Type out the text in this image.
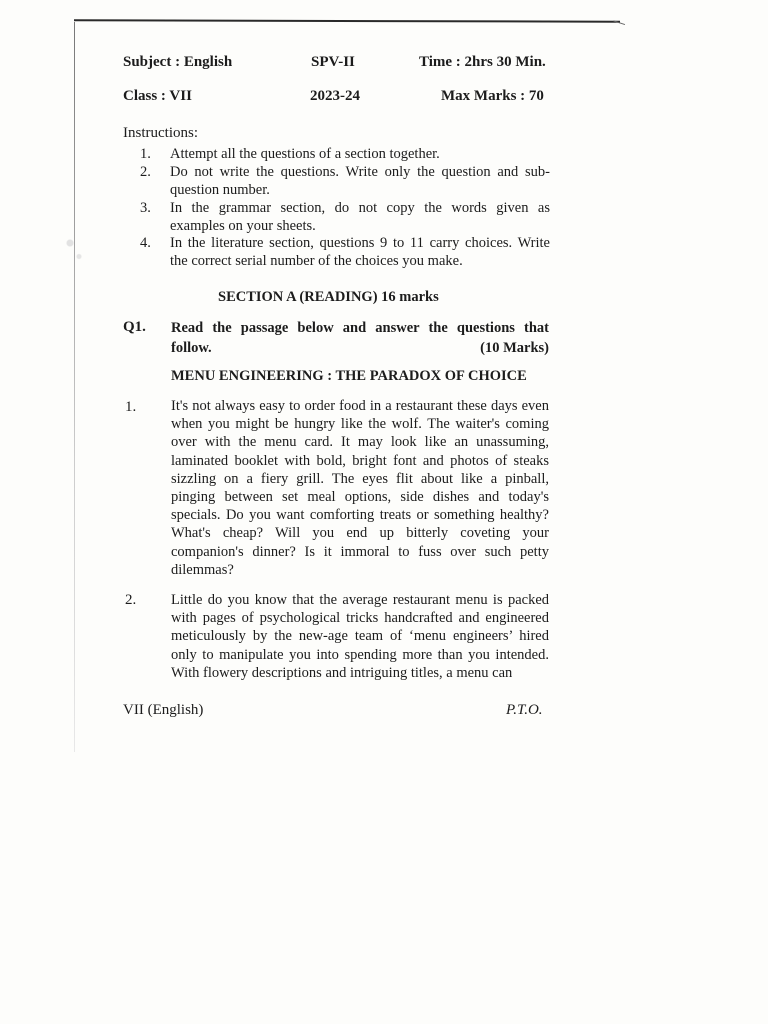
Subject : English	SPV-II	Time : 2hrs 30 Min.
Class : VII	2023-24	Max Marks : 70
Instructions:
1. Attempt all the questions of a section together.
2. Do not write the questions. Write only the question and sub-question number.
3. In the grammar section, do not copy the words given as examples on your sheets.
4. In the literature section, questions 9 to 11 carry choices. Write the correct serial number of the choices you make.
SECTION A (READING) 16 marks
Q1. Read the passage below and answer the questions that
follow.	(10 Marks)
MENU ENGINEERING : THE PARADOX OF CHOICE
1. It's not always easy to order food in a restaurant these days even when you might be hungry like the wolf. The waiter's coming over with the menu card. It may look like an unassuming, laminated booklet with bold, bright font and photos of steaks sizzling on a fiery grill. The eyes flit about like a pinball, pinging between set meal options, side dishes and today's specials. Do you want comforting treats or something healthy? What's cheap? Will you end up bitterly coveting your companion's dinner? Is it immoral to fuss over such petty dilemmas?
2. Little do you know that the average restaurant menu is packed with pages of psychological tricks handcrafted and engineered meticulously by the new-age team of ‘menu engineers’ hired only to manipulate you into spending more than you intended. With flowery descriptions and intriguing titles, a menu can
VII (English)	P.T.O.
